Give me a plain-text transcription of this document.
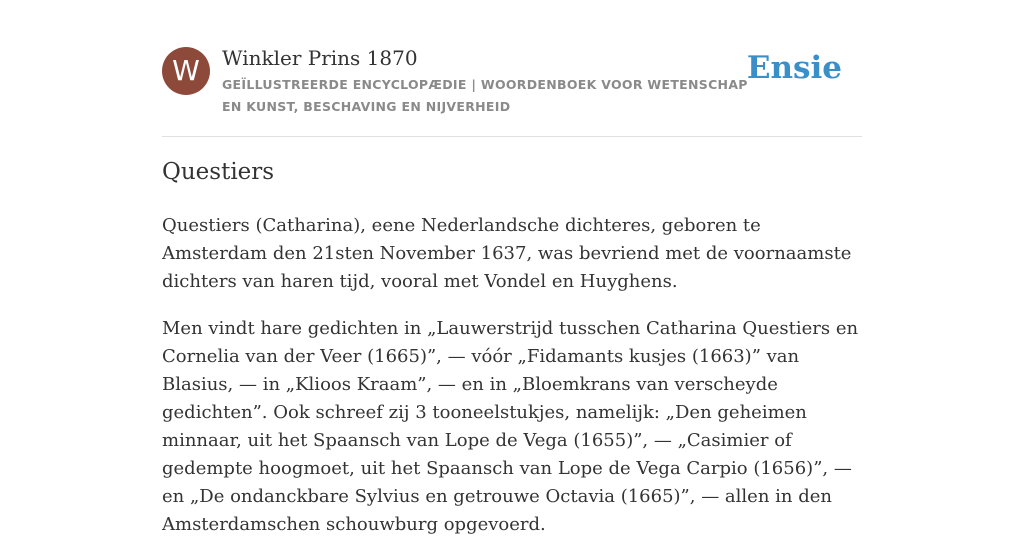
W	Winkler Prins 1870
GEÏLLUSTREERDE ENCYCLOPÆDIE | WOORDENBOEK VOOR WETENSCHAP EN KUNST, BESCHAVING EN NIJVERHEID
Ensie
Questiers

Questiers (Catharina), eene Nederlandsche dichteres, geboren te Amsterdam den 21sten November 1637, was bevriend met de voornaamste dichters van haren tijd, vooral met Vondel en Huyghens.

Men vindt hare gedichten in „Lauwerstrijd tusschen Catharina Questiers en Cornelia van der Veer (1665)”, — vóór „Fidamants kusjes (1663)” van Blasius, — in „Klioos Kraam”, — en in „Bloemkrans van verscheyde gedichten”. Ook schreef zij 3 tooneelstukjes, namelijk: „Den geheimen minnaar, uit het Spaansch van Lope de Vega (1655)”, — „Casimier of gedempte hoogmoet, uit het Spaansch van Lope de Vega Carpio (1656)”, — en „De ondanckbare Sylvius en getrouwe Octavia (1665)”, — allen in den Amsterdamschen schouwburg opgevoerd.
